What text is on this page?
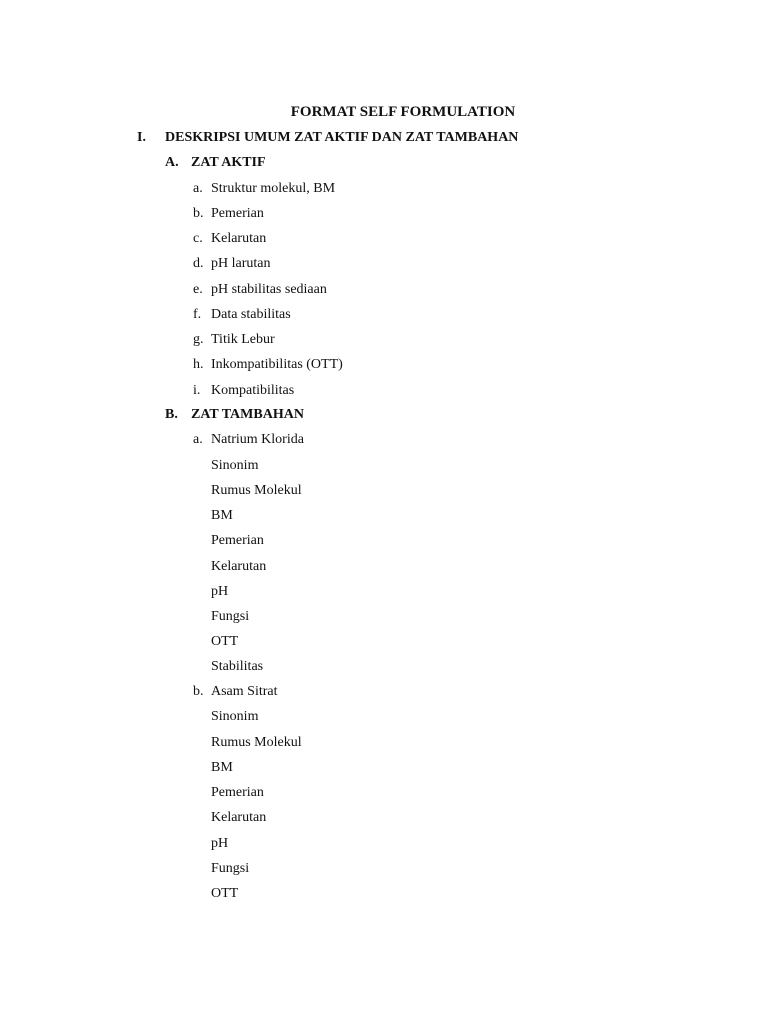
FORMAT SELF FORMULATION
I. DESKRIPSI UMUM ZAT AKTIF DAN ZAT TAMBAHAN
A. ZAT AKTIF
a. Struktur molekul, BM
b. Pemerian
c. Kelarutan
d. pH larutan
e. pH stabilitas sediaan
f. Data stabilitas
g. Titik Lebur
h. Inkompatibilitas (OTT)
i. Kompatibilitas
B. ZAT TAMBAHAN
a. Natrium Klorida
Sinonim
Rumus Molekul
BM
Pemerian
Kelarutan
pH
Fungsi
OTT
Stabilitas
b. Asam Sitrat
Sinonim
Rumus Molekul
BM
Pemerian
Kelarutan
pH
Fungsi
OTT
